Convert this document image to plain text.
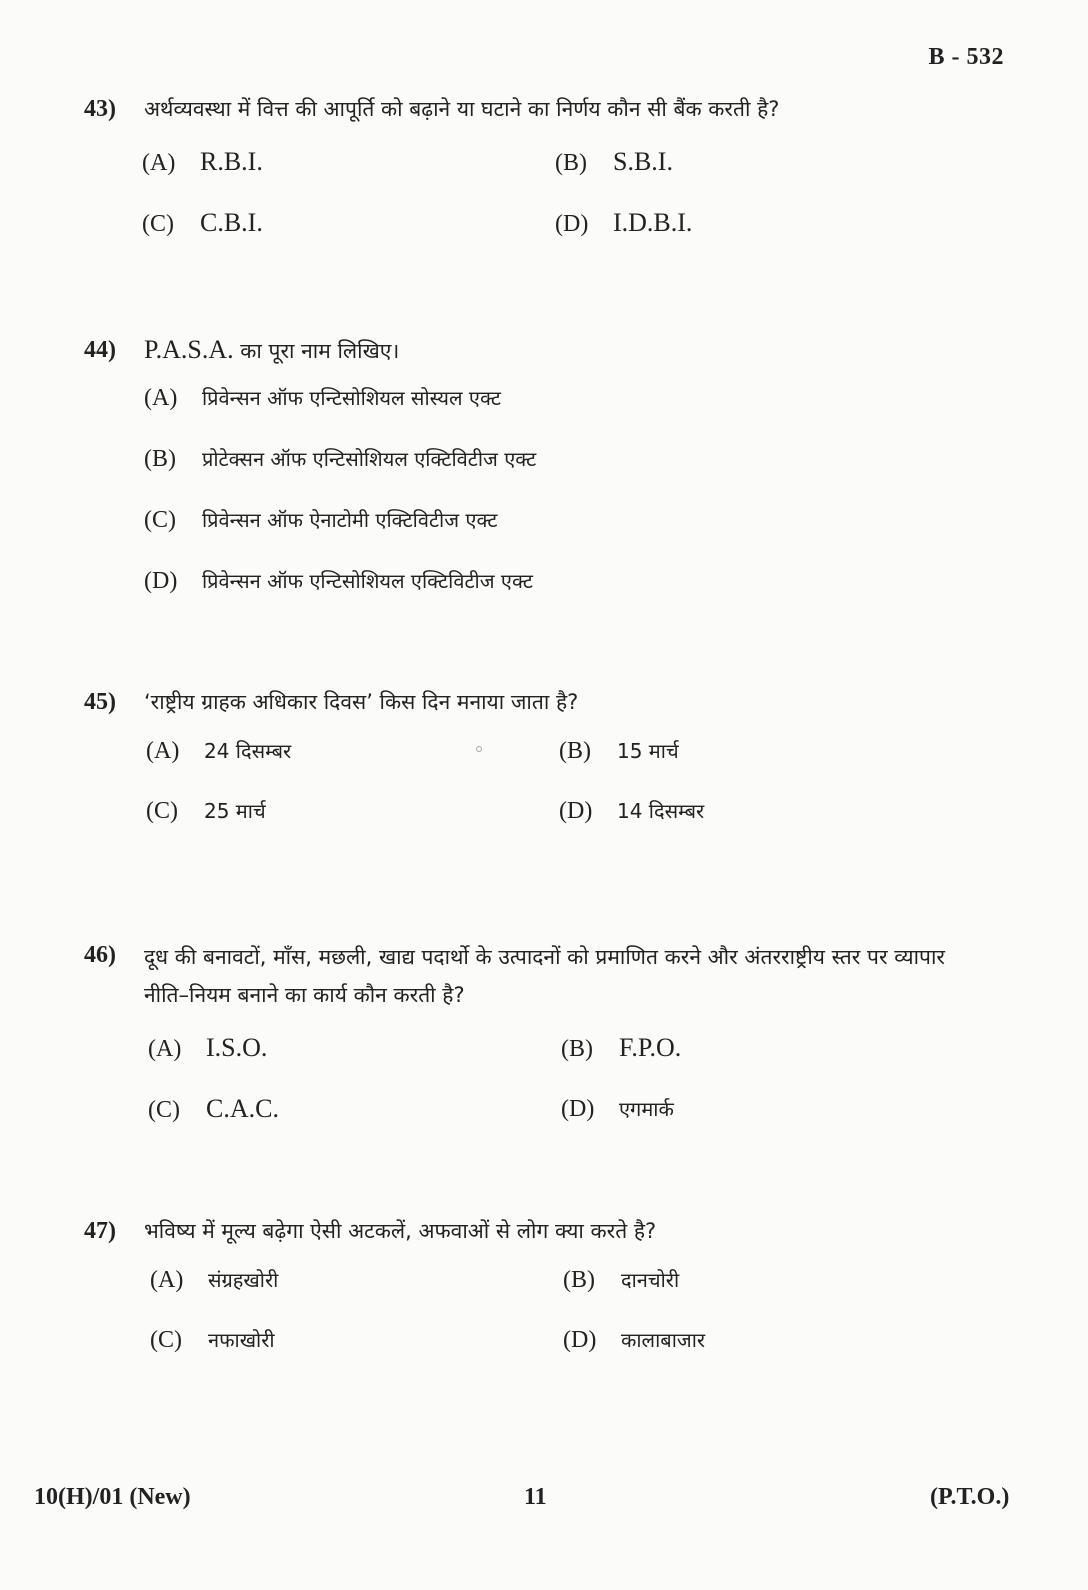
B - 532
43)	अर्थव्यवस्था में वित्त की आपूर्ति को बढ़ाने या घटाने का निर्णय कौन सी बैंक करती है?
(A) R.B.I.	(B)	S.B.I.
(C)	C.B.I.	(D) I.D.B.I.
44)	P.A.S.A. का पूरा नाम लिखिए।
(A)	प्रिवेन्सन ऑफ एन्टिसोशियल सोस्यल एक्ट
(B)	प्रोटेक्सन ऑफ एन्टिसोशियल एक्टिविटीज एक्ट
(C)	प्रिवेन्सन ऑफ ऐनाटोमी एक्टिविटीज एक्ट
(D)	प्रिवेन्सन ऑफ एन्टिसोशियल एक्टिविटीज एक्ट
45)	‘राष्ट्रीय ग्राहक अधिकार दिवस’ किस दिन मनाया जाता है?
(A)	24 दिसम्बर	(B)	15 मार्च
(C)	25 मार्च	(D)	14 दिसम्बर
46)	दूध की बनावटों, माँस, मछली, खाद्य पदार्थो के उत्पादनों को प्रमाणित करने और अंतरराष्ट्रीय स्तर पर व्यापार नीति–नियम बनाने का कार्य कौन करती है?
(A) I.S.O.	(B)	F.P.O.
(C)	C.A.C.	(D)	एगमार्क
47)	भविष्य में मूल्य बढ़ेगा ऐसी अटकलें, अफवाओं से लोग क्या करते है?
(A)	संग्रहखोरी	(B)	दानचोरी
(C)	नफाखोरी	(D)	कालाबाजार
10(H)/01 (New)	11	(P.T.O.)
